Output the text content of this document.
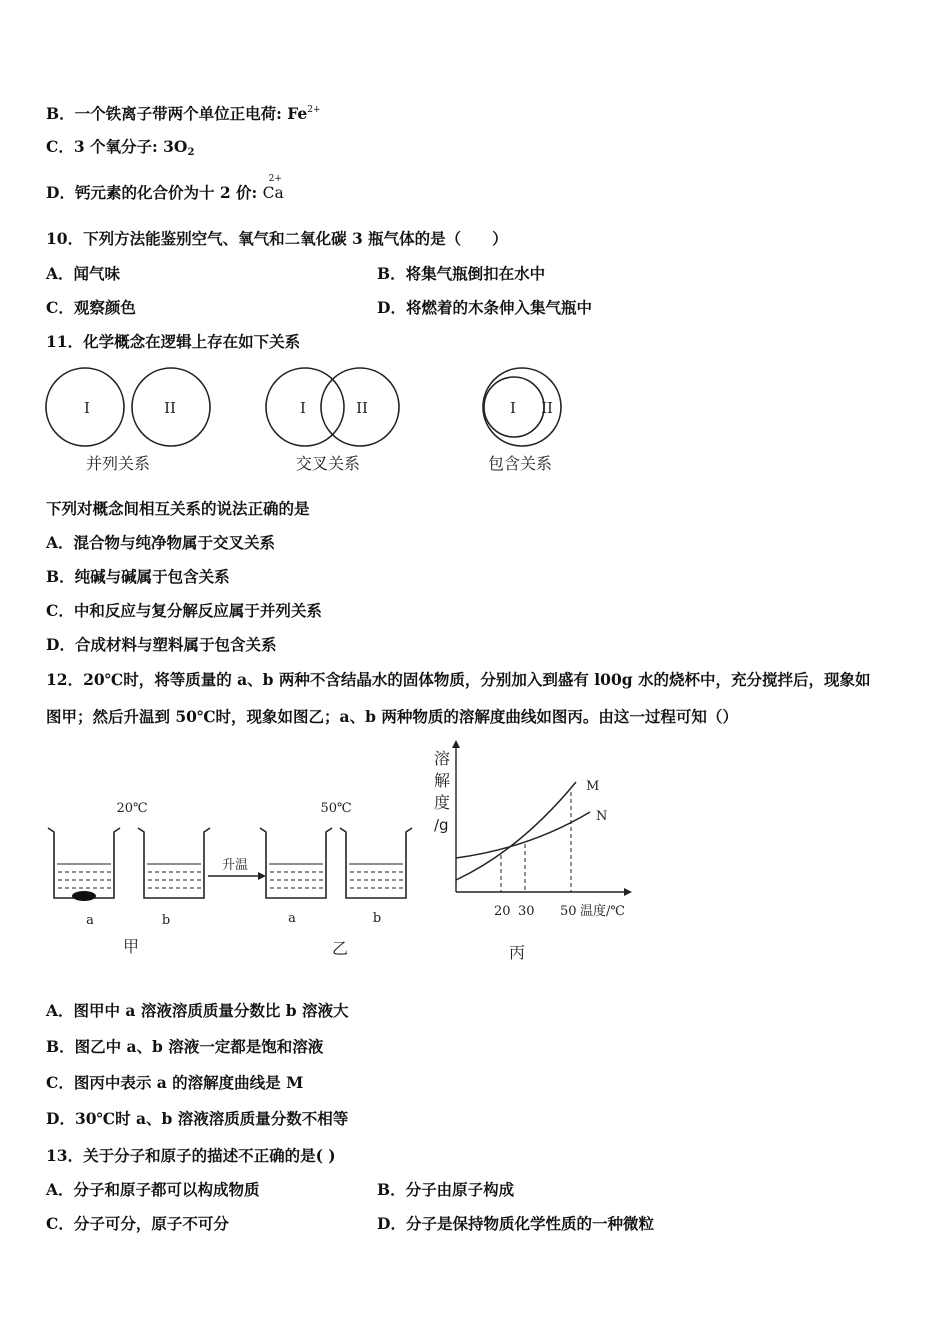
B．一个铁离子带两个单位正电荷: $Fe^{2+}$
C．3 个氧分子: $3O_2$
D．钙元素的化合价为十 2 价:
2+
Ca
10．下列方法能鉴别空气、氧气和二氧化碳 3 瓶气体的是（　　）
A．闻气味	B．将集气瓶倒扣在水中
C．观察颜色	D．将燃着的木条伸入集气瓶中
11．化学概念在逻辑上存在如下关系
I	II
并列关系
I	II
交叉关系
I II
包含关系
下列对概念间相互关系的说法正确的是
A．混合物与纯净物属于交叉关系
B．纯碱与碱属于包含关系
C．中和反应与复分解反应属于并列关系
D．合成材料与塑料属于包含关系
12．20℃时，将等质量的 a、b 两种不含结晶水的固体物质，分别加入到盛有 l00g 水的烧杯中，充分搅拌后，现象如
图甲；然后升温到 50℃时，现象如图乙；a、b 两种物质的溶解度曲线如图丙。由这一过程可知（）
20℃	50℃
a	b
甲
升温
a	b
乙
溶
解
度
/g
M
N
20 30 50 温度/℃
丙
A．图甲中 a 溶液溶质质量分数比 b 溶液大
B．图乙中 a、b 溶液一定都是饱和溶液
C．图丙中表示 a 的溶解度曲线是 M
D．30℃时 a、b 溶液溶质质量分数不相等
13．关于分子和原子的描述不正确的是( )
A．分子和原子都可以构成物质	B．分子由原子构成
C．分子可分，原子不可分	D．分子是保持物质化学性质的一种微粒
